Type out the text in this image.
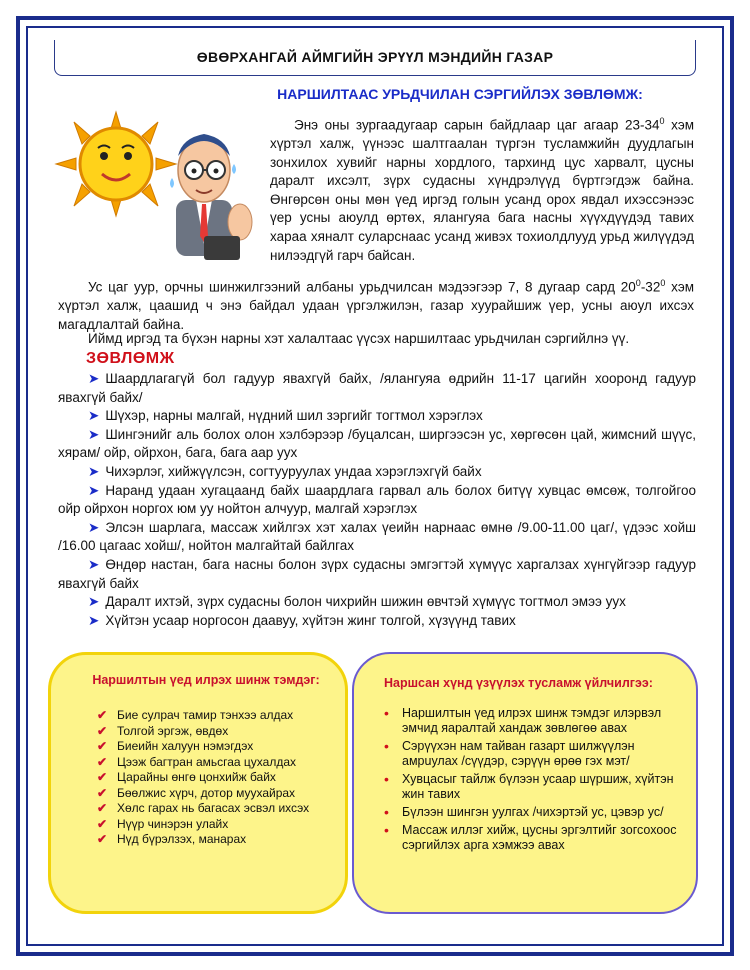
ӨВӨРХАНГАЙ АЙМГИЙН ЭРҮҮЛ МЭНДИЙН ГАЗАР
НАРШИЛТААС УРЬДЧИЛАН СЭРГИЙЛЭХ ЗӨВЛӨМЖ:

Энэ оны зургаадугаар сарын байдлаар цаг агаар $23-34^0$ хэм хүртэл халж, үүнээс шалтгаалан түргэн тусламжийн дуудлагын зонхилох хувийг нарны хордлого, тархинд цус харвалт, цусны даралт ихсэлт, зүрх судасны хүндрэлүүд бүртгэгдэж байна. Өнгөрсөн оны мөн үед иргэд голын усанд орох явдал ихэссэнээс үер усны аюулд өртөх, ялангуяа бага насны хүүхдүүдэд тавих хараа хяналт суларснаас усанд живэх тохиолдлууд урьд жилүүдэд нилээдгүй гарч байсан.

Ус цаг уур, орчны шинжилгээний албаны урьдчилсан мэдээгээр 7, 8 дугаар сард $20^0-32^0$ хэм хүртэл халж, цаашид ч энэ байдал удаан үргэлжилэн, газар хуурайшиж үер, усны аюул ихсэх магадлалтай байна.

Иймд иргэд та бүхэн нарны хэт халалтаас үүсэх наршилтаас урьдчилан сэргийлнэ үү.

ЗӨВЛӨМЖ
➤ Шаардлагагүй бол гадуур явахгүй байх, /ялангуяа өдрийн 11-17 цагийн хооронд гадуур явахгүй байх/
➤ Шүхэр, нарны малгай, нүдний шил зэргийг тогтмол хэрэглэх
➤ Шингэнийг аль болох олон хэлбэрээр /буцалсан, ширгээсэн ус, хөргөсөн цай, жимсний шүүс, хярам/ ойр, ойрхон, бага, бага аар уух
➤ Чихэрлэг, хийжүүлсэн, согтууруулах ундаа хэрэглэхгүй байх
➤ Наранд удаан хугацаанд байх шаардлага гарвал аль болох битүү хувцас өмсөж, толгойгоо ойр ойрхон норгох юм уу нойтон алчуур, малгай хэрэглэх
➤ Элсэн шарлага, массаж хийлгэх хэт халах үеийн нарнаас өмнө /9.00-11.00 цаг/, үдээс хойш /16.00 цагаас хойш/, нойтон малгайтай байлгах
➤ Өндөр настан, бага насны болон зүрх судасны эмгэгтэй хүмүүс харгалзах хүнгүйгээр гадуур явахгүй байх
➤ Даралт ихтэй, зүрх судасны болон чихрийн шижин өвчтэй хүмүүс тогтмол эмээ уух
➤ Хүйтэн усаар норгосон даавуу, хүйтэн жинг толгой, хүзүүнд тавих
Наршилтын үед илрэх шинж тэмдэг:
✔ Бие сулрач тамир тэнхээ алдах
✔ Толгой эргэж, өвдөх
✔ Биеийн халуун нэмэгдэх
✔ Цээж багтран амьсгаа цухалдах
✔ Царайны өнгө цонхийж байх
✔ Бөөлжис хүрч, дотор муухайрах
✔ Хөлс гарах нь багасах эсвэл ихсэх
✔ Нүүр чинэрэн улайх
✔ Нүд бүрэлзэх, манарах
Наршсан хүнд үзүүлэх тусламж үйлчилгээ:
• Наршилтын үед илрэх шинж тэмдэг илэрвэл эмчид яаралтай хандаж зөвлөгөө авах
• Сэрүүхэн нам тайван газарт шилжүүлэн амрuулах /сүүдэр, сэрүүн өрөө гэх мэт/
• Хувцасыг тайлж бүлээн усаар шүршиж, хүйтэн жин тавих
• Бүлээн шингэн уулгах /чихэртэй ус, цэвэр ус/
• Массаж иллэг хийж, цусны эргэлтийг зогсохоос сэргийлэх арга хэмжээ авах
